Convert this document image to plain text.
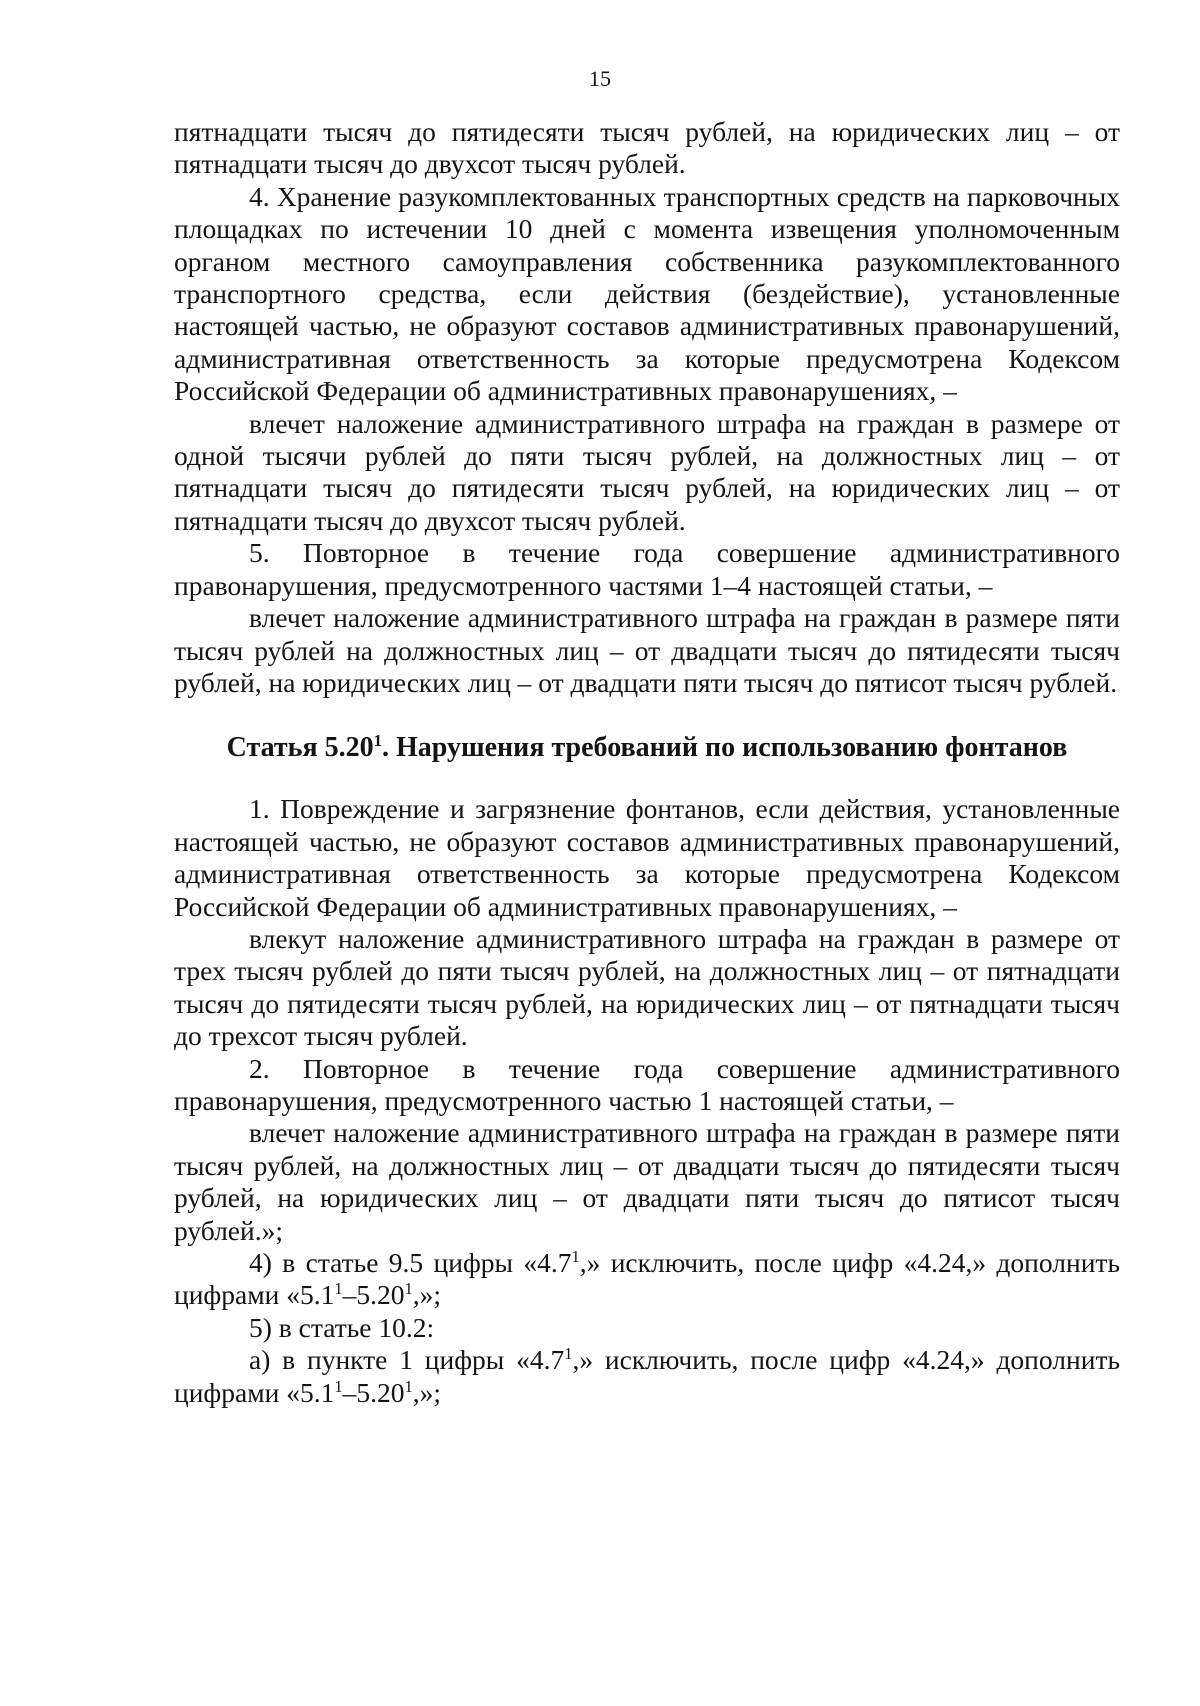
15

пятнадцати тысяч до пятидесяти тысяч рублей, на юридических лиц – от пятнадцати тысяч до двухсот тысяч рублей.

4. Хранение разукомплектованных транспортных средств на парковочных площадках по истечении 10 дней с момента извещения уполномоченным органом местного самоуправления собственника разукомплектованного транспортного средства, если действия (бездействие), установленные настоящей частью, не образуют составов административных правонарушений, административная ответственность за которые предусмотрена Кодексом Российской Федерации об административных правонарушениях, –

влечет наложение административного штрафа на граждан в размере от одной тысячи рублей до пяти тысяч рублей, на должностных лиц – от пятнадцати тысяч до пятидесяти тысяч рублей, на юридических лиц – от пятнадцати тысяч до двухсот тысяч рублей.

5. Повторное в течение года совершение административного правонарушения, предусмотренного частями 1–4 настоящей статьи, –

влечет наложение административного штрафа на граждан в размере пяти тысяч рублей на должностных лиц – от двадцати тысяч до пятидесяти тысяч рублей, на юридических лиц – от двадцати пяти тысяч до пятисот тысяч рублей.

Статья 5.20$^1$. Нарушения требований по использованию фонтанов

1. Повреждение и загрязнение фонтанов, если действия, установленные настоящей частью, не образуют составов административных правонарушений, административная ответственность за которые предусмотрена Кодексом Российской Федерации об административных правонарушениях, –

влекут наложение административного штрафа на граждан в размере от трех тысяч рублей до пяти тысяч рублей, на должностных лиц – от пятнадцати тысяч до пятидесяти тысяч рублей, на юридических лиц – от пятнадцати тысяч до трехсот тысяч рублей.

2. Повторное в течение года совершение административного правонарушения, предусмотренного частью 1 настоящей статьи, –

влечет наложение административного штрафа на граждан в размере пяти тысяч рублей, на должностных лиц – от двадцати тысяч до пятидесяти тысяч рублей, на юридических лиц – от двадцати пяти тысяч до пятисот тысяч рублей.»;

4) в статье 9.5 цифры «$4.7^1$,» исключить, после цифр «4.24,» дополнить цифрами «$5.1^1-5.20^1$,»;

5) в статье 10.2:

а) в пункте 1 цифры «$4.7^1$,» исключить, после цифр «4.24,» дополнить цифрами «$5.1^1-5.20^1$,»;
